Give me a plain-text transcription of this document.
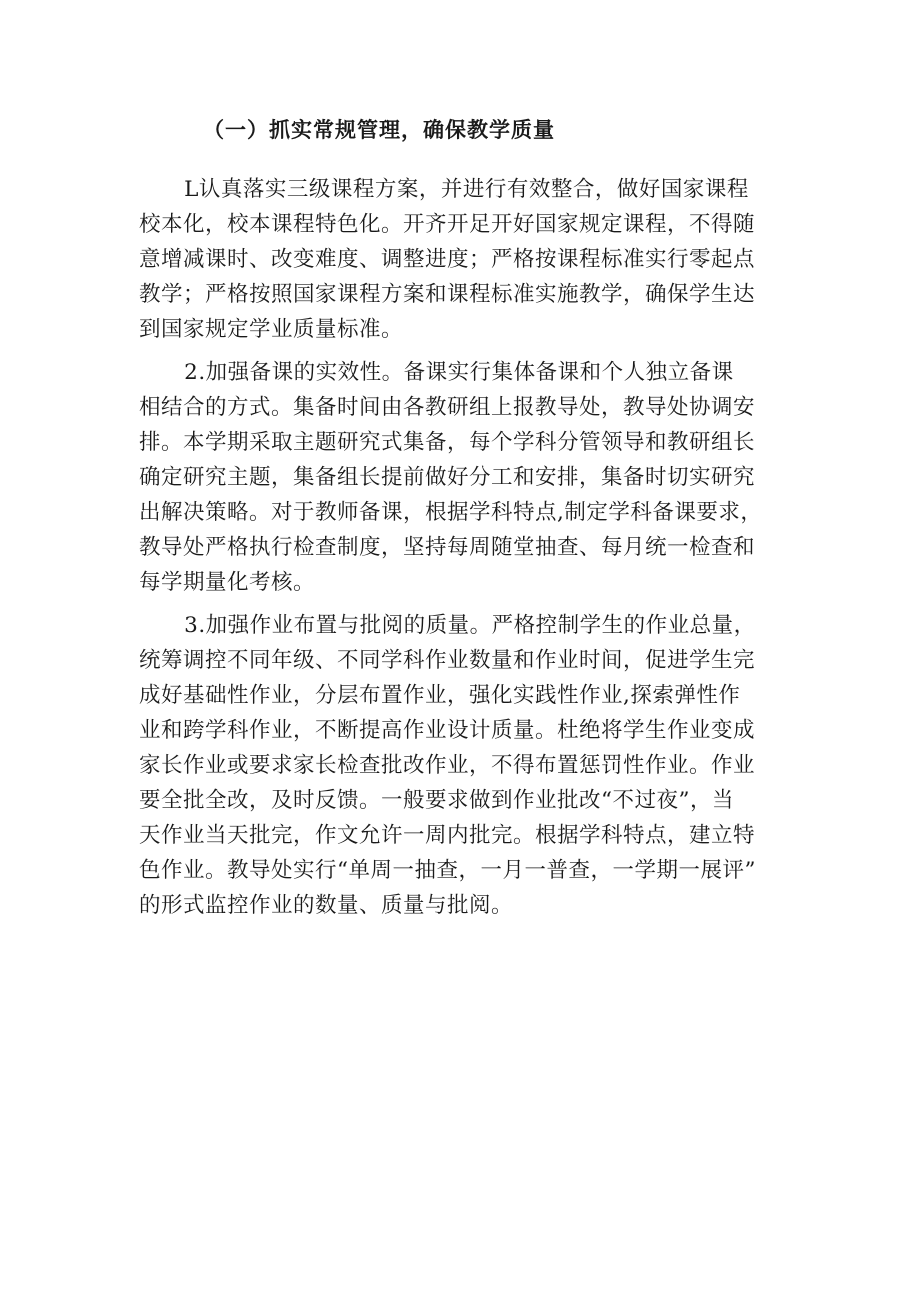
（一）抓实常规管理，确保教学质量

L认真落实三级课程方案，并进行有效整合，做好国家课程
校本化，校本课程特色化。开齐开足开好国家规定课程，不得随
意增减课时、改变难度、调整进度；严格按课程标准实行零起点
教学；严格按照国家课程方案和课程标准实施教学，确保学生达
到国家规定学业质量标准。

2.加强备课的实效性。备课实行集体备课和个人独立备课
相结合的方式。集备时间由各教研组上报教导处，教导处协调安
排。本学期采取主题研究式集备，每个学科分管领导和教研组长
确定研究主题，集备组长提前做好分工和安排，集备时切实研究
出解决策略。对于教师备课，根据学科特点,制定学科备课要求，
教导处严格执行检查制度，坚持每周随堂抽查、每月统一检查和
每学期量化考核。

3.加强作业布置与批阅的质量。严格控制学生的作业总量，
统筹调控不同年级、不同学科作业数量和作业时间，促进学生完
成好基础性作业，分层布置作业，强化实践性作业,探索弹性作
业和跨学科作业，不断提高作业设计质量。杜绝将学生作业变成
家长作业或要求家长检查批改作业，不得布置惩罚性作业。作业
要全批全改，及时反馈。一般要求做到作业批改“不过夜”，当
天作业当天批完，作文允许一周内批完。根据学科特点，建立特
色作业。教导处实行“单周一抽查，一月一普查，一学期一展评”
的形式监控作业的数量、质量与批阅。
